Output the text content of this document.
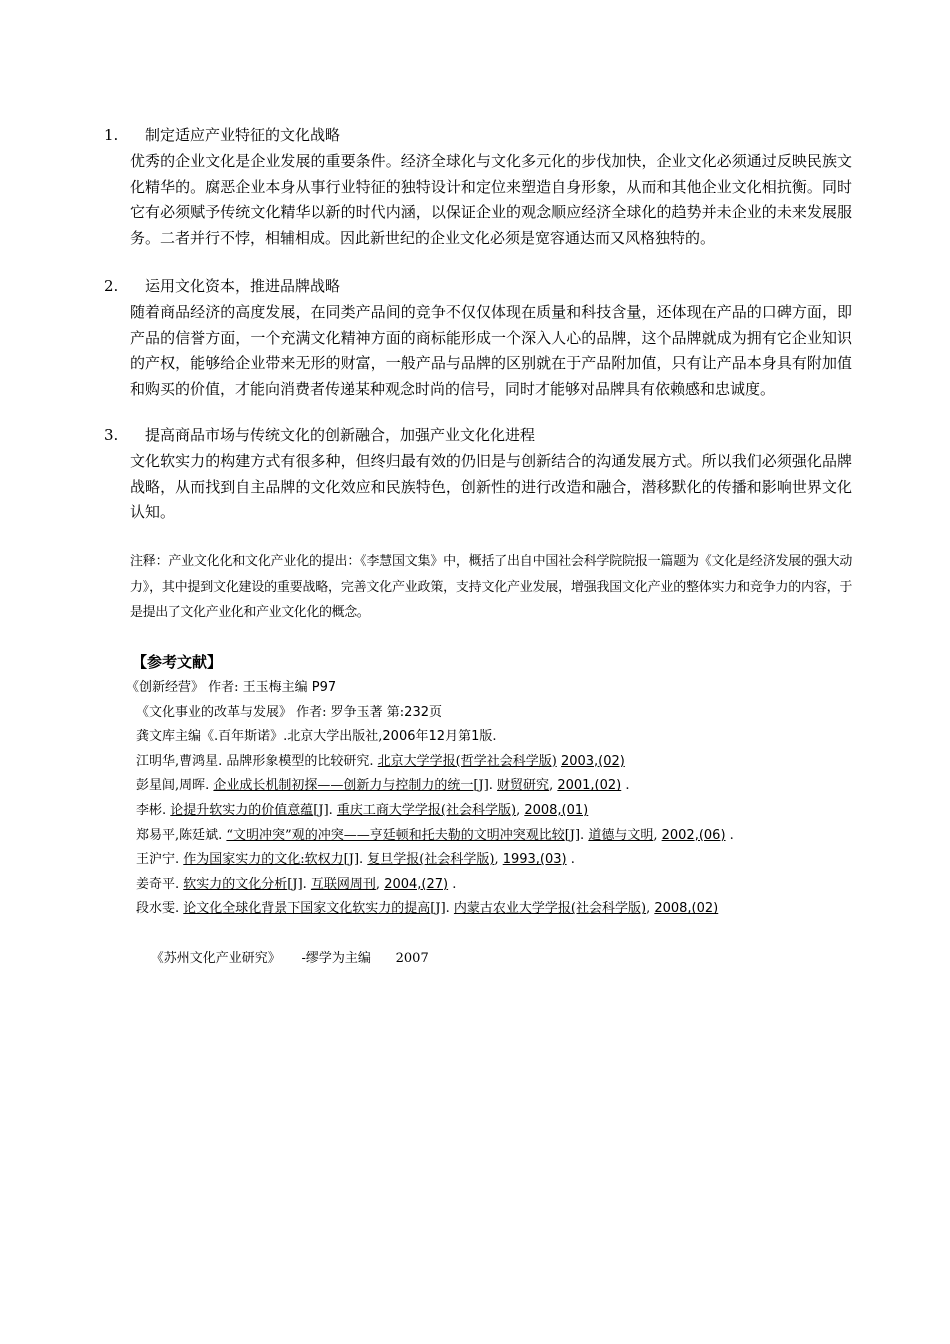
1. 制定适应产业特征的文化战略
优秀的企业文化是企业发展的重要条件。经济全球化与文化多元化的步伐加快，企业文化必须通过反映民族文化精华的。腐恶企业本身从事行业特征的独特设计和定位来塑造自身形象，从而和其他企业文化相抗衡。同时它有必须赋予传统文化精华以新的时代内涵，以保证企业的观念顺应经济全球化的趋势并未企业的未来发展服务。二者并行不悖，相辅相成。因此新世纪的企业文化必须是宽容通达而又风格独特的。
2. 运用文化资本，推进品牌战略
随着商品经济的高度发展，在同类产品间的竞争不仅仅体现在质量和科技含量，还体现在产品的口碑方面，即产品的信誉方面，一个充满文化精神方面的商标能形成一个深入人心的品牌，这个品牌就成为拥有它企业知识的产权，能够给企业带来无形的财富，一般产品与品牌的区别就在于产品附加值，只有让产品本身具有附加值和购买的价值，才能向消费者传递某种观念时尚的信号，同时才能够对品牌具有依赖感和忠诚度。
3. 提高商品市场与传统文化的创新融合，加强产业文化化进程
文化软实力的构建方式有很多种，但终归最有效的仍旧是与创新结合的沟通发展方式。所以我们必须强化品牌战略，从而找到自主品牌的文化效应和民族特色，创新性的进行改造和融合，潜移默化的传播和影响世界文化认知。
注释：产业文化化和文化产业化的提出：《李慧国文集》中，概括了出自中国社会科学院院报一篇题为《文化是经济发展的强大动力》，其中提到文化建设的重要战略，完善文化产业政策，支持文化产业发展，增强我国文化产业的整体实力和竞争力的内容，于是提出了文化产业化和产业文化化的概念。
【参考文献】
《创新经营》 作者: 王玉梅主编 P97
《文化事业的改革与发展》 作者: 罗争玉著 第:232页
龚文库主编《.百年斯诺》.北京大学出版社,2006年12月第1版.
江明华,曹鸿星. 品牌形象模型的比较研究. 北京大学学报(哲学社会科学版) 2003,(02)
彭星闾,周晖. 企业成长机制初探——创新力与控制力的统一[J]. 财贸研究, 2001,(02) .
李彬. 论提升软实力的价值意蕴[J]. 重庆工商大学学报(社会科学版), 2008,(01)
郑易平,陈廷斌. “文明冲突”观的冲突——亨廷顿和托夫勒的文明冲突观比较[J]. 道德与文明, 2002,(06) .
王沪宁. 作为国家实力的文化:软权力[J]. 复旦学报(社会科学版), 1993,(03) .
姜奇平. 软实力的文化分析[J]. 互联网周刊, 2004,(27) .
段水雯. 论文化全球化背景下国家文化软实力的提高[J]. 内蒙古农业大学学报(社会科学版), 2008,(02)

《苏州文化产业研究》     -缪学为主编      2007
